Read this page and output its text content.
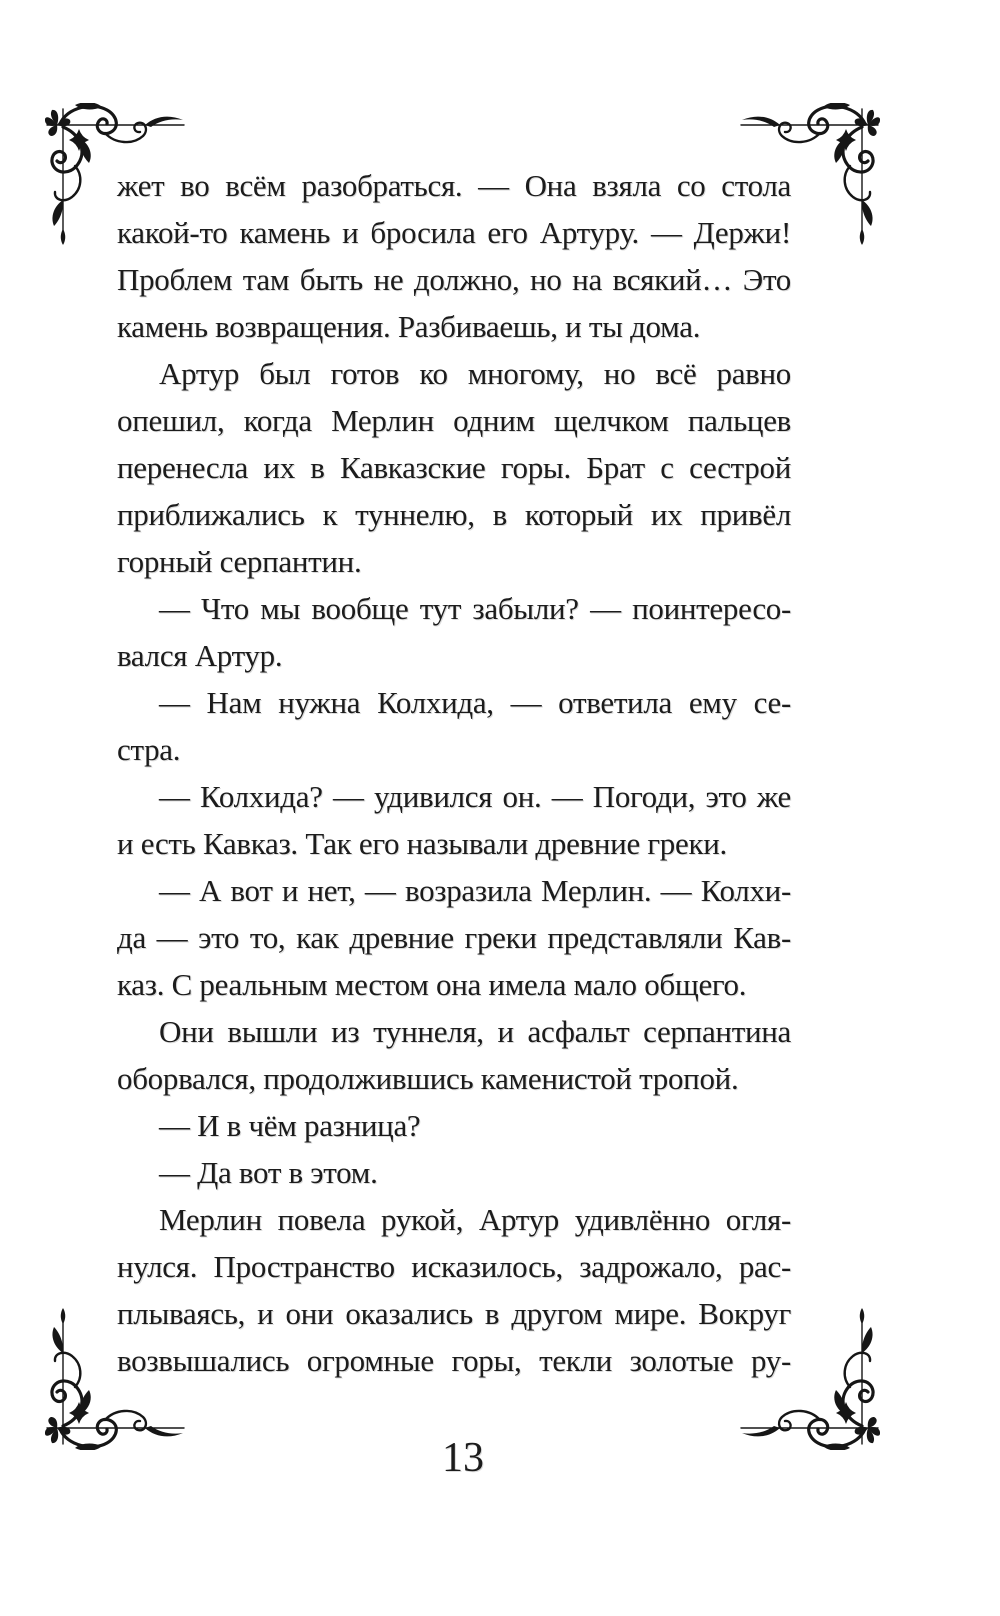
жет во всём разобраться. — Она взяла со стола
какой-то камень и бросила его Артуру. — Держи!
Проблем там быть не должно, но на всякий… Это
камень возвращения. Разбиваешь, и ты дома.
Артур был готов ко многому, но всё равно
опешил, когда Мерлин одним щелчком пальцев
перенесла их в Кавказские горы. Брат с сестрой
приближались к туннелю, в который их привёл
горный серпантин.
— Что мы вообще тут забыли? — поинтересо-
вался Артур.
— Нам нужна Колхида, — ответила ему се-
стра.
— Колхида? — удивился он. — Погоди, это же
и есть Кавказ. Так его называли древние греки.
— А вот и нет, — возразила Мерлин. — Колхи-
да — это то, как древние греки представляли Кав-
каз. С реальным местом она имела мало общего.
Они вышли из туннеля, и асфальт серпантина
оборвался, продолжившись каменистой тропой.
— И в чём разница?
— Да вот в этом.
Мерлин повела рукой, Артур удивлённо огля-
нулся. Пространство исказилось, задрожало, рас-
плываясь, и они оказались в другом мире. Вокруг
возвышались огромные горы, текли золотые ру-
13
